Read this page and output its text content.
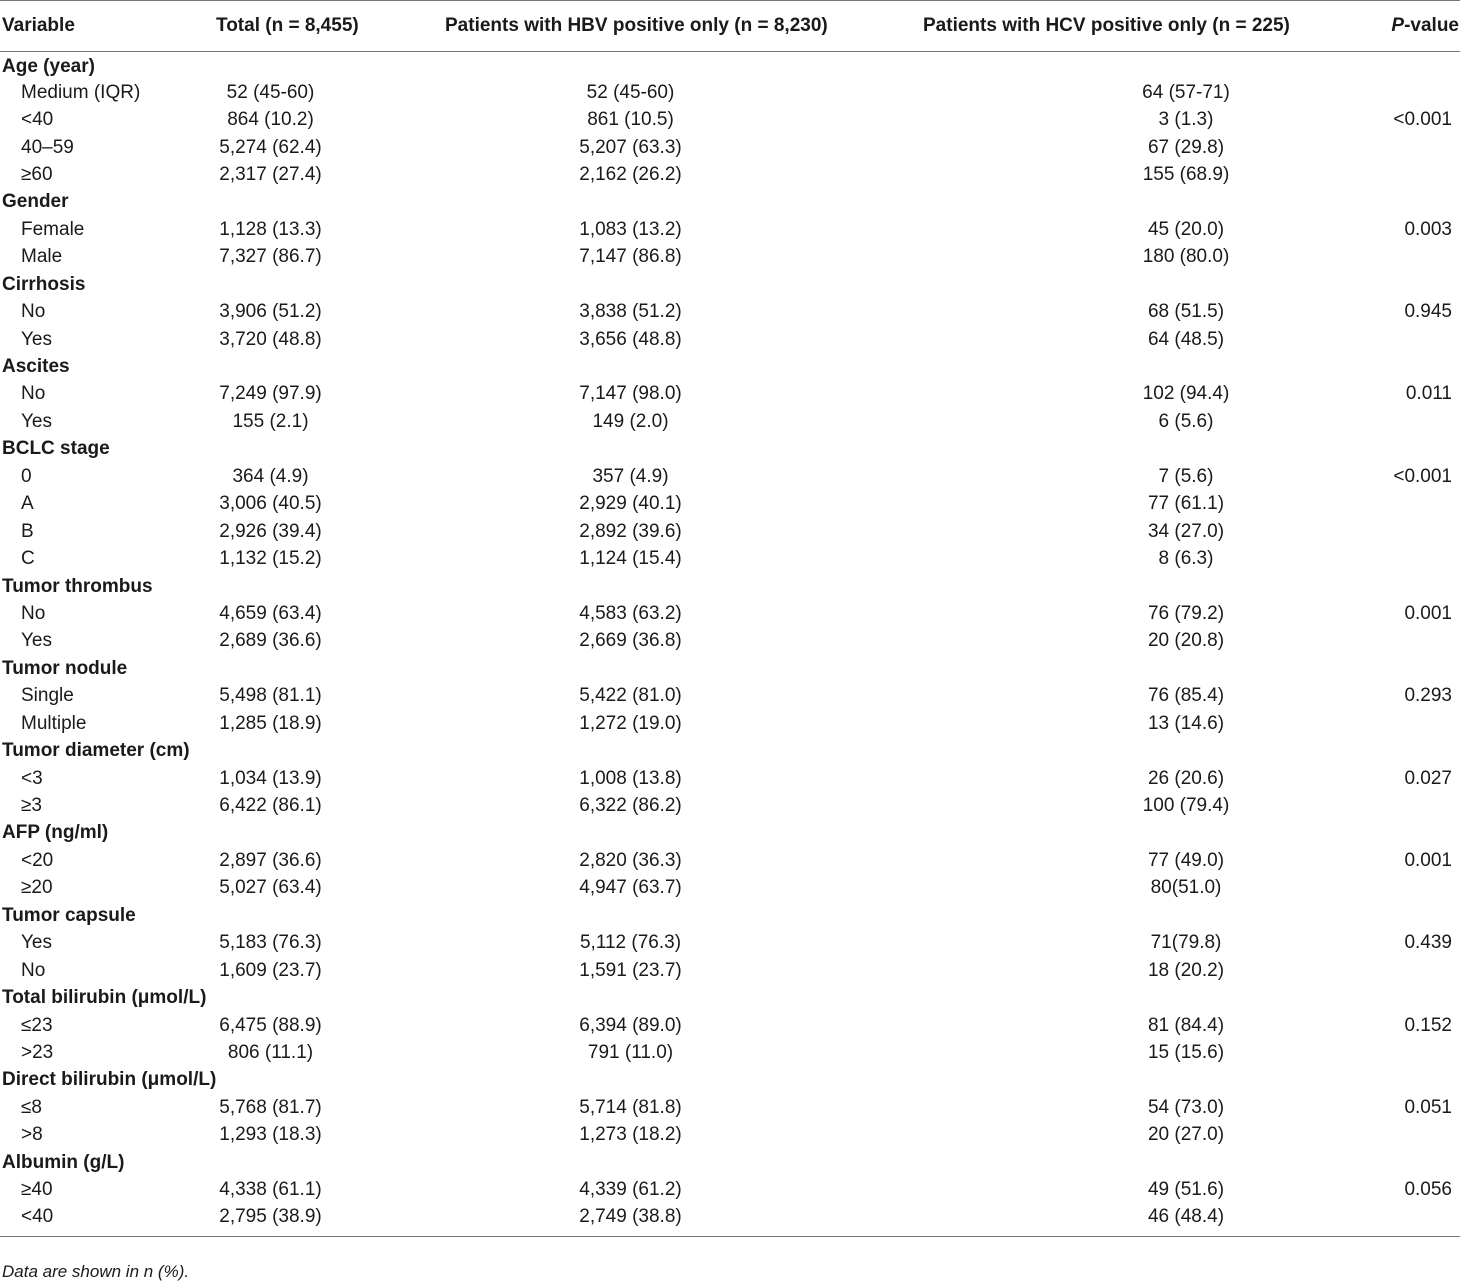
Variable	Total (n = 8,455)	Patients with HBV positive only (n = 8,230)	Patients with HCV positive only (n = 225)	P-value
Age (year)				
Medium (IQR)	52 (45-60)	52 (45-60)	64 (57-71)	
<40	864 (10.2)	861 (10.5)	3 (1.3)	<0.001
40–59	5,274 (62.4)	5,207 (63.3)	67 (29.8)	
≥60	2,317 (27.4)	2,162 (26.2)	155 (68.9)	
Gender				
Female	1,128 (13.3)	1,083 (13.2)	45 (20.0)	0.003
Male	7,327 (86.7)	7,147 (86.8)	180 (80.0)	
Cirrhosis				
No	3,906 (51.2)	3,838 (51.2)	68 (51.5)	0.945
Yes	3,720 (48.8)	3,656 (48.8)	64 (48.5)	
Ascites				
No	7,249 (97.9)	7,147 (98.0)	102 (94.4)	0.011
Yes	155 (2.1)	149 (2.0)	6 (5.6)	
BCLC stage				
0	364 (4.9)	357 (4.9)	7 (5.6)	<0.001
A	3,006 (40.5)	2,929 (40.1)	77 (61.1)	
B	2,926 (39.4)	2,892 (39.6)	34 (27.0)	
C	1,132 (15.2)	1,124 (15.4)	8 (6.3)	
Tumor thrombus				
No	4,659 (63.4)	4,583 (63.2)	76 (79.2)	0.001
Yes	2,689 (36.6)	2,669 (36.8)	20 (20.8)	
Tumor nodule				
Single	5,498 (81.1)	5,422 (81.0)	76 (85.4)	0.293
Multiple	1,285 (18.9)	1,272 (19.0)	13 (14.6)	
Tumor diameter (cm)				
<3	1,034 (13.9)	1,008 (13.8)	26 (20.6)	0.027
≥3	6,422 (86.1)	6,322 (86.2)	100 (79.4)	
AFP (ng/ml)				
<20	2,897 (36.6)	2,820 (36.3)	77 (49.0)	0.001
≥20	5,027 (63.4)	4,947 (63.7)	80(51.0)	
Tumor capsule				
Yes	5,183 (76.3)	5,112 (76.3)	71(79.8)	0.439
No	1,609 (23.7)	1,591 (23.7)	18 (20.2)	
Total bilirubin (μmol/L)				
≤23	6,475 (88.9)	6,394 (89.0)	81 (84.4)	0.152
>23	806 (11.1)	791 (11.0)	15 (15.6)	
Direct bilirubin (μmol/L)				
≤8	5,768 (81.7)	5,714 (81.8)	54 (73.0)	0.051
>8	1,293 (18.3)	1,273 (18.2)	20 (27.0)	
Albumin (g/L)				
≥40	4,338 (61.1)	4,339 (61.2)	49 (51.6)	0.056
<40	2,795 (38.9)	2,749 (38.8)	46 (48.4)	
Data are shown in n (%).
